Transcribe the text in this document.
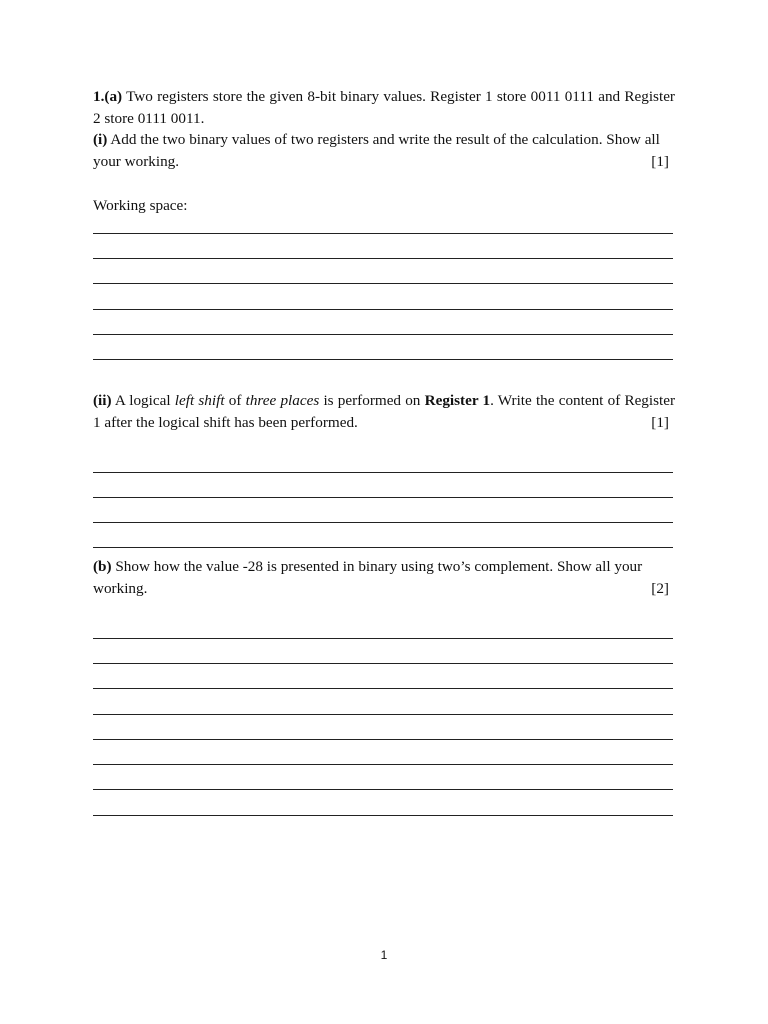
1.(a) Two registers store the given 8-bit binary values. Register 1 store 0011 0111 and Register 2 store 0111 0011.
(i) Add the two binary values of two registers and write the result of the calculation. Show all
your working.	[1]
Working space:
(ii) A logical left shift of three places is performed on Register 1. Write the content of Register 1 after the logical shift has been performed.	[1]
(b) Show how the value -28 is presented in binary using two’s complement. Show all your
working.	[2]
1
